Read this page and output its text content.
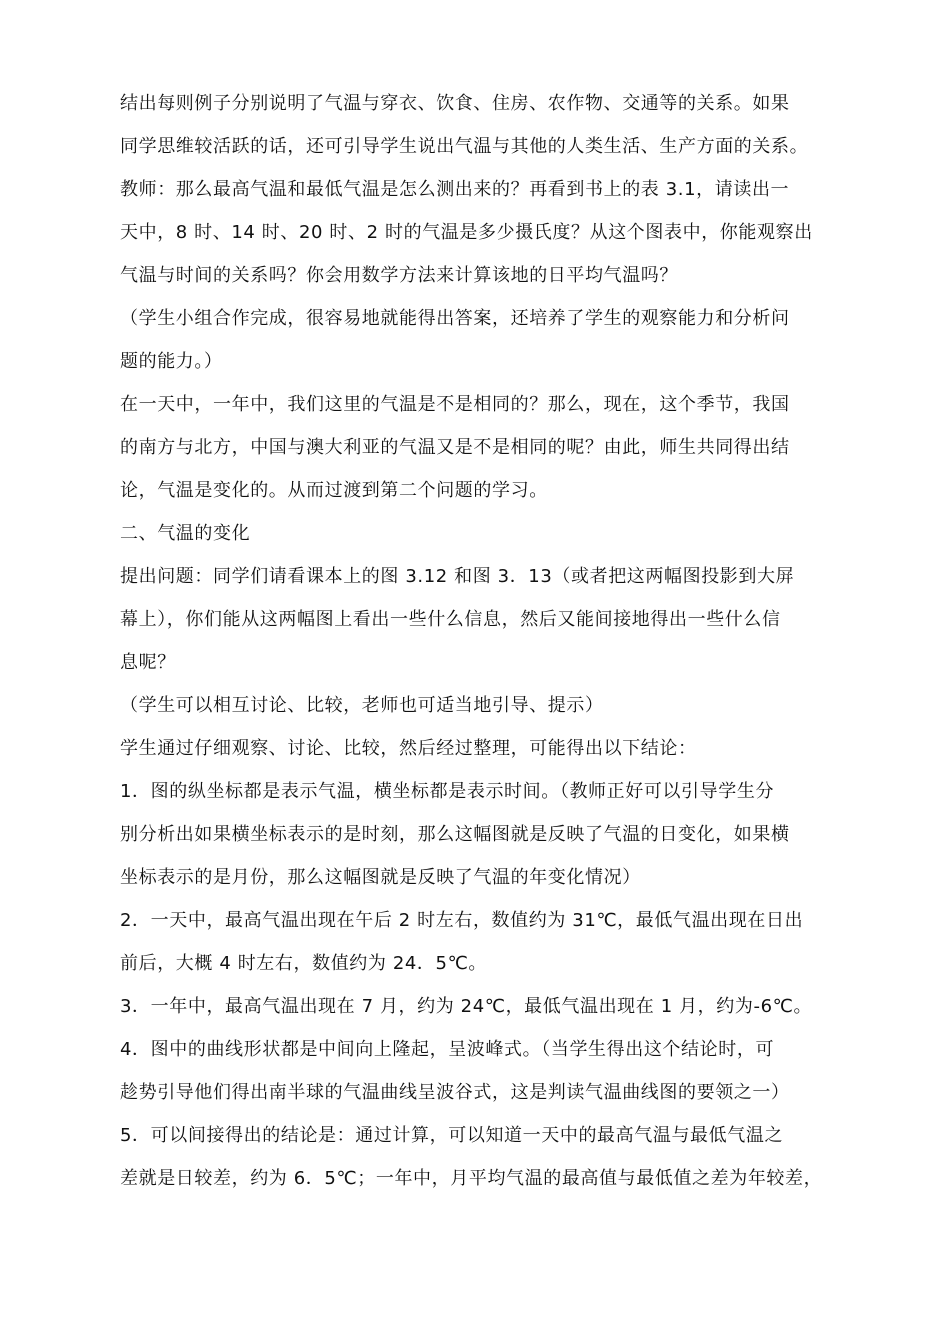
结出每则例子分别说明了气温与穿衣、饮食、住房、农作物、交通等的关系。如果
同学思维较活跃的话，还可引导学生说出气温与其他的人类生活、生产方面的关系。
教师：那么最高气温和最低气温是怎么测出来的？再看到书上的表 3.1，请读出一
天中，8 时、14 时、20 时、2 时的气温是多少摄氏度？从这个图表中，你能观察出
气温与时间的关系吗？你会用数学方法来计算该地的日平均气温吗？
（学生小组合作完成，很容易地就能得出答案，还培养了学生的观察能力和分析问
题的能力。）
在一天中，一年中，我们这里的气温是不是相同的？那么，现在，这个季节，我国
的南方与北方，中国与澳大利亚的气温又是不是相同的呢？由此，师生共同得出结
论，气温是变化的。从而过渡到第二个问题的学习。
二、气温的变化
提出问题：同学们请看课本上的图 3.12 和图 3．13（或者把这两幅图投影到大屏
幕上），你们能从这两幅图上看出一些什么信息，然后又能间接地得出一些什么信
息呢？
（学生可以相互讨论、比较，老师也可适当地引导、提示）
学生通过仔细观察、讨论、比较，然后经过整理，可能得出以下结论：
1．图的纵坐标都是表示气温，横坐标都是表示时间。（教师正好可以引导学生分
别分析出如果横坐标表示的是时刻，那么这幅图就是反映了气温的日变化，如果横
坐标表示的是月份，那么这幅图就是反映了气温的年变化情况）
2．一天中，最高气温出现在午后 2 时左右，数值约为 31℃，最低气温出现在日出
前后，大概 4 时左右，数值约为 24．5℃。
3．一年中，最高气温出现在 7 月，约为 24℃，最低气温出现在 1 月，约为-6℃。
4．图中的曲线形状都是中间向上隆起，呈波峰式。（当学生得出这个结论时，可
趁势引导他们得出南半球的气温曲线呈波谷式，这是判读气温曲线图的要领之一）
5．可以间接得出的结论是：通过计算，可以知道一天中的最高气温与最低气温之
差就是日较差，约为 6．5℃；一年中，月平均气温的最高值与最低值之差为年较差，
